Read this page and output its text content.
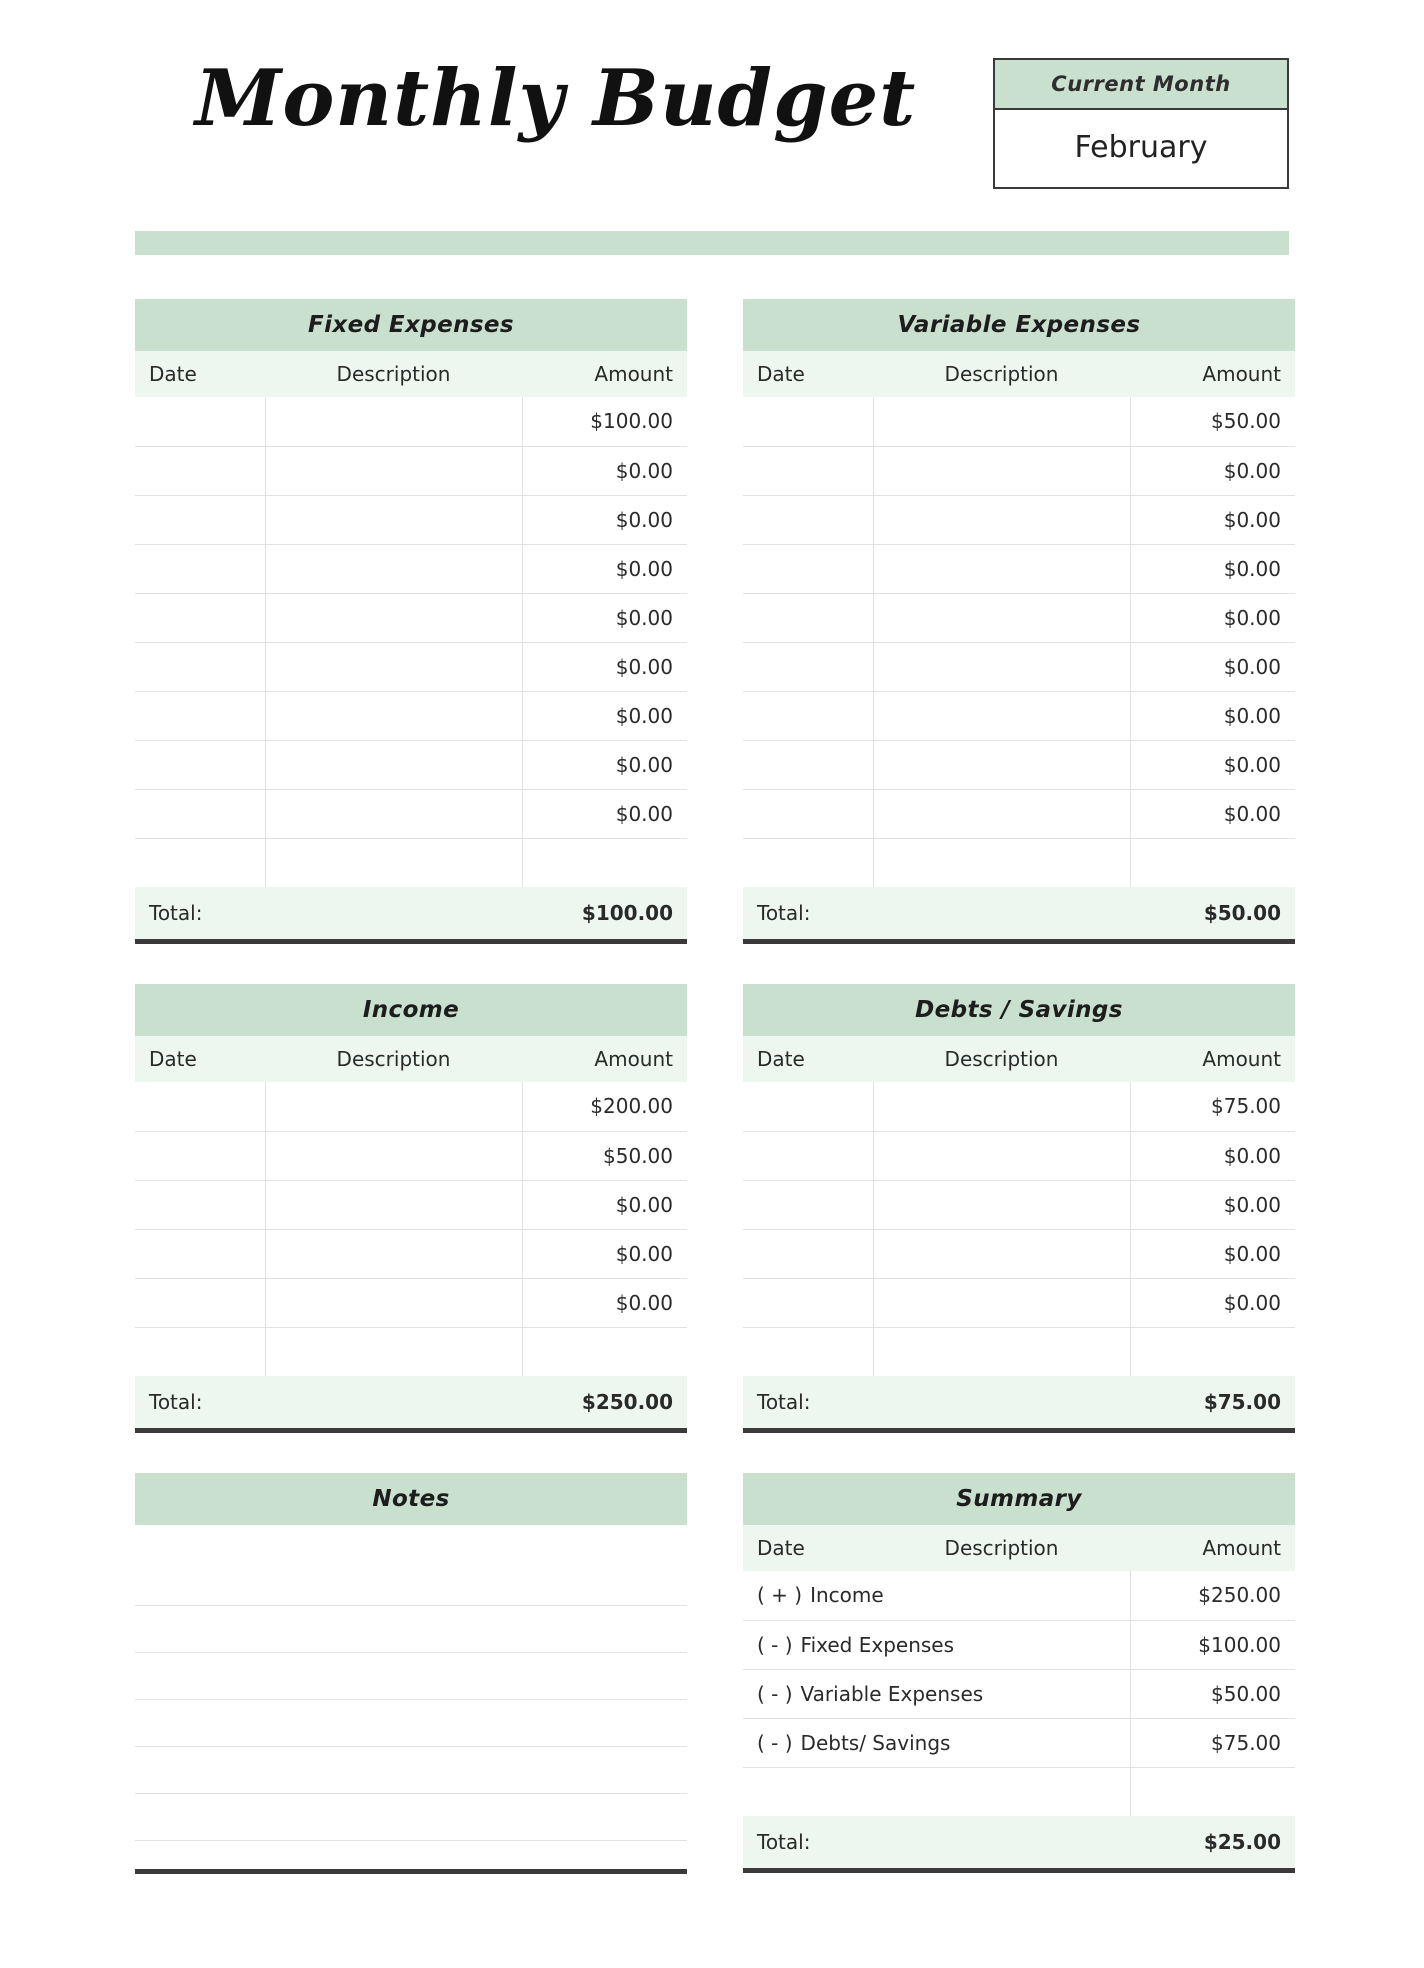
Monthly Budget	Current Month
February
Fixed Expenses
Date	Description	Amount
		$100.00
		$0.00
		$0.00
		$0.00
		$0.00
		$0.00
		$0.00
		$0.00
		$0.00

Total:		$100.00
Variable Expenses
Date	Description	Amount
		$50.00
		$0.00
		$0.00
		$0.00
		$0.00
		$0.00
		$0.00
		$0.00
		$0.00

Total:		$50.00
Income
Date	Description	Amount
		$200.00
		$50.00
		$0.00
		$0.00
		$0.00

Total:		$250.00
Debts / Savings
Date	Description	Amount
		$75.00
		$0.00
		$0.00
		$0.00
		$0.00

Total:		$75.00
Notes	Summary
Date	Description	Amount
( + ) Income		$250.00
( - ) Fixed Expenses		$100.00
( - ) Variable Expenses		$50.00
( - ) Debts/ Savings		$75.00

Total:		$25.00
